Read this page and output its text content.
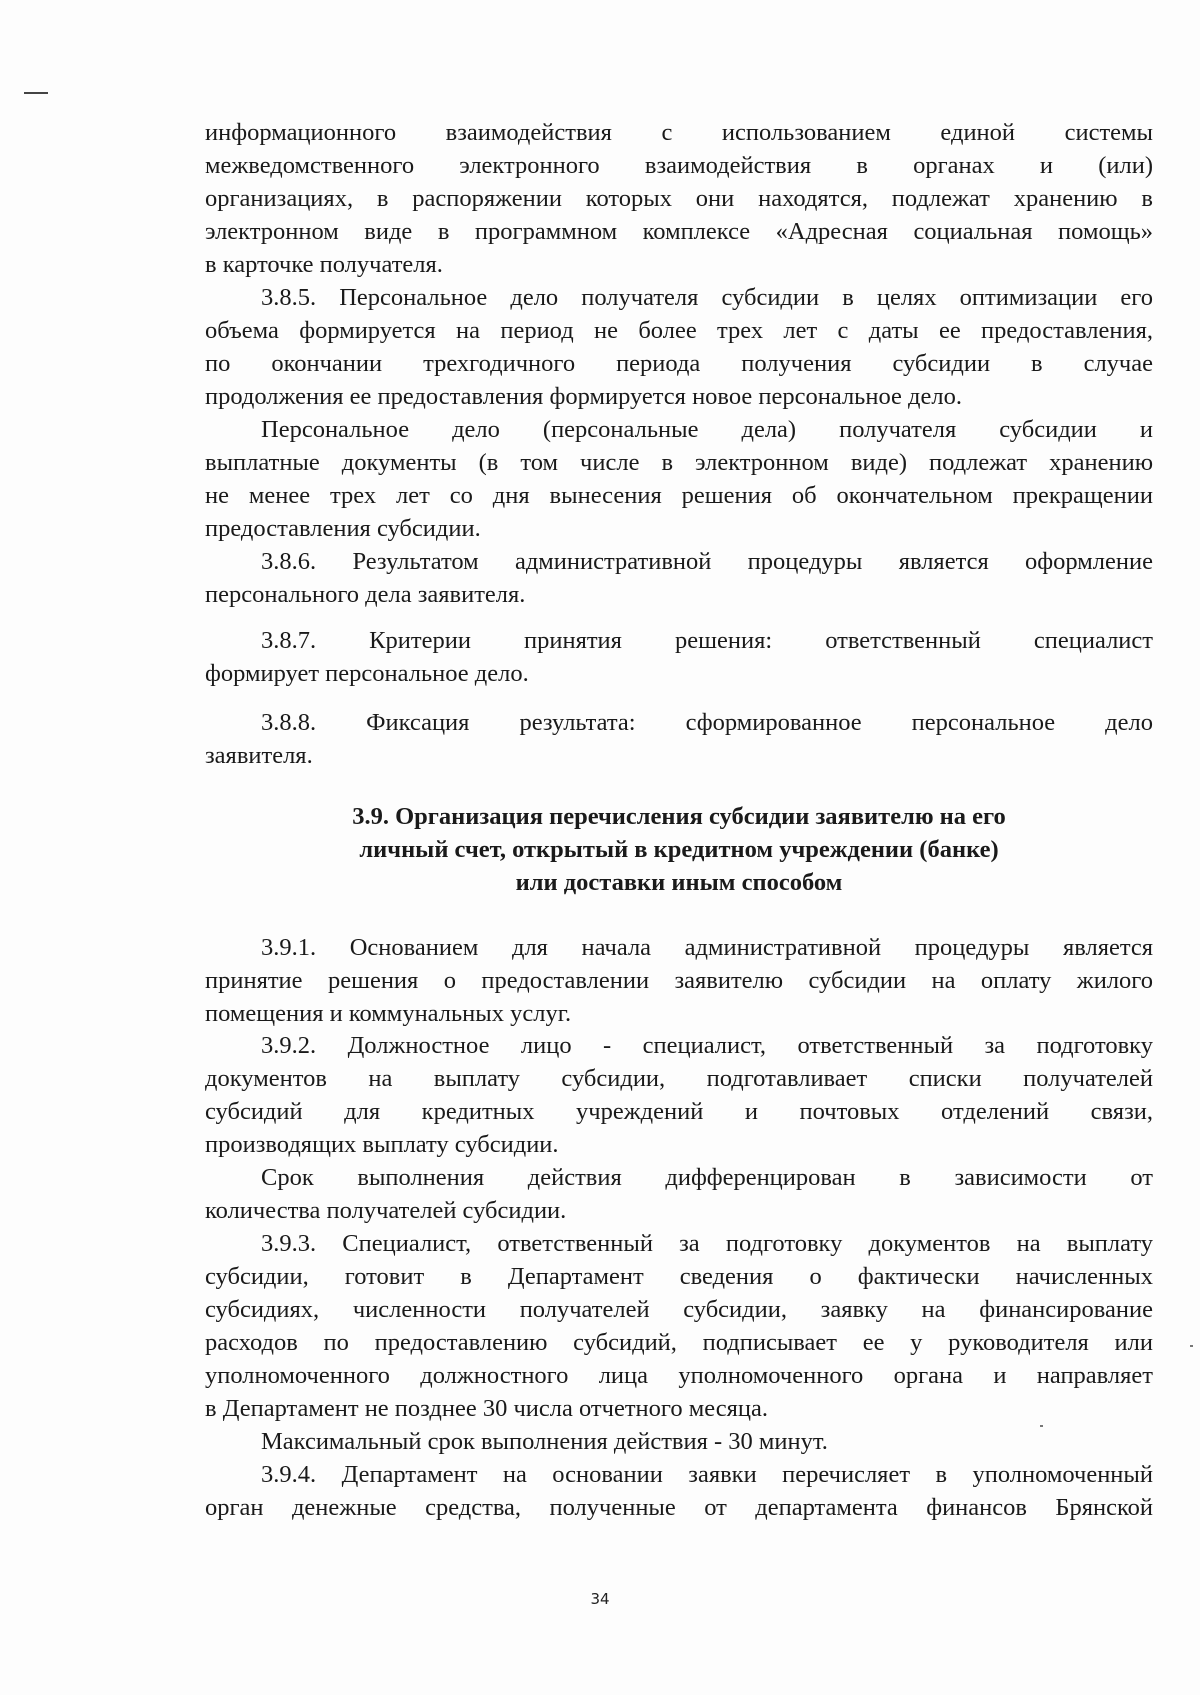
информационного взаимодействия с использованием единой системы
межведомственного электронного взаимодействия в органах и (или)
организациях, в распоряжении которых они находятся, подлежат хранению в
электронном виде в программном комплексе «Адресная социальная помощь»
в карточке получателя.
3.8.5. Персональное дело получателя субсидии в целях оптимизации его
объема формируется на период не более трех лет с даты ее предоставления,
по окончании трехгодичного периода получения субсидии в случае
продолжения ее предоставления формируется новое персональное дело.
Персональное дело (персональные дела) получателя субсидии и
выплатные документы (в том числе в электронном виде) подлежат хранению
не менее трех лет со дня вынесения решения об окончательном прекращении
предоставления субсидии.
3.8.6. Результатом административной процедуры является оформление
персонального дела заявителя.
3.8.7. Критерии принятия решения: ответственный специалист
формирует персональное дело.
3.8.8. Фиксация результата: сформированное персональное дело
заявителя.
3.9. Организация перечисления субсидии заявителю на его
личный счет, открытый в кредитном учреждении (банке)
или доставки иным способом
3.9.1. Основанием для начала административной процедуры является
принятие решения о предоставлении заявителю субсидии на оплату жилого
помещения и коммунальных услуг.
3.9.2. Должностное лицо - специалист, ответственный за подготовку
документов на выплату субсидии, подготавливает списки получателей
субсидий для кредитных учреждений и почтовых отделений связи,
производящих выплату субсидии.
Срок выполнения действия дифференцирован в зависимости от
количества получателей субсидии.
3.9.3. Специалист, ответственный за подготовку документов на выплату
субсидии, готовит в Департамент сведения о фактически начисленных
субсидиях, численности получателей субсидии, заявку на финансирование
расходов по предоставлению субсидий, подписывает ее у руководителя или
уполномоченного должностного лица уполномоченного органа и направляет
в Департамент не позднее 30 числа отчетного месяца.
Максимальный срок выполнения действия - 30 минут.
3.9.4. Департамент на основании заявки перечисляет в уполномоченный
орган денежные средства, полученные от департамента финансов Брянской
34
